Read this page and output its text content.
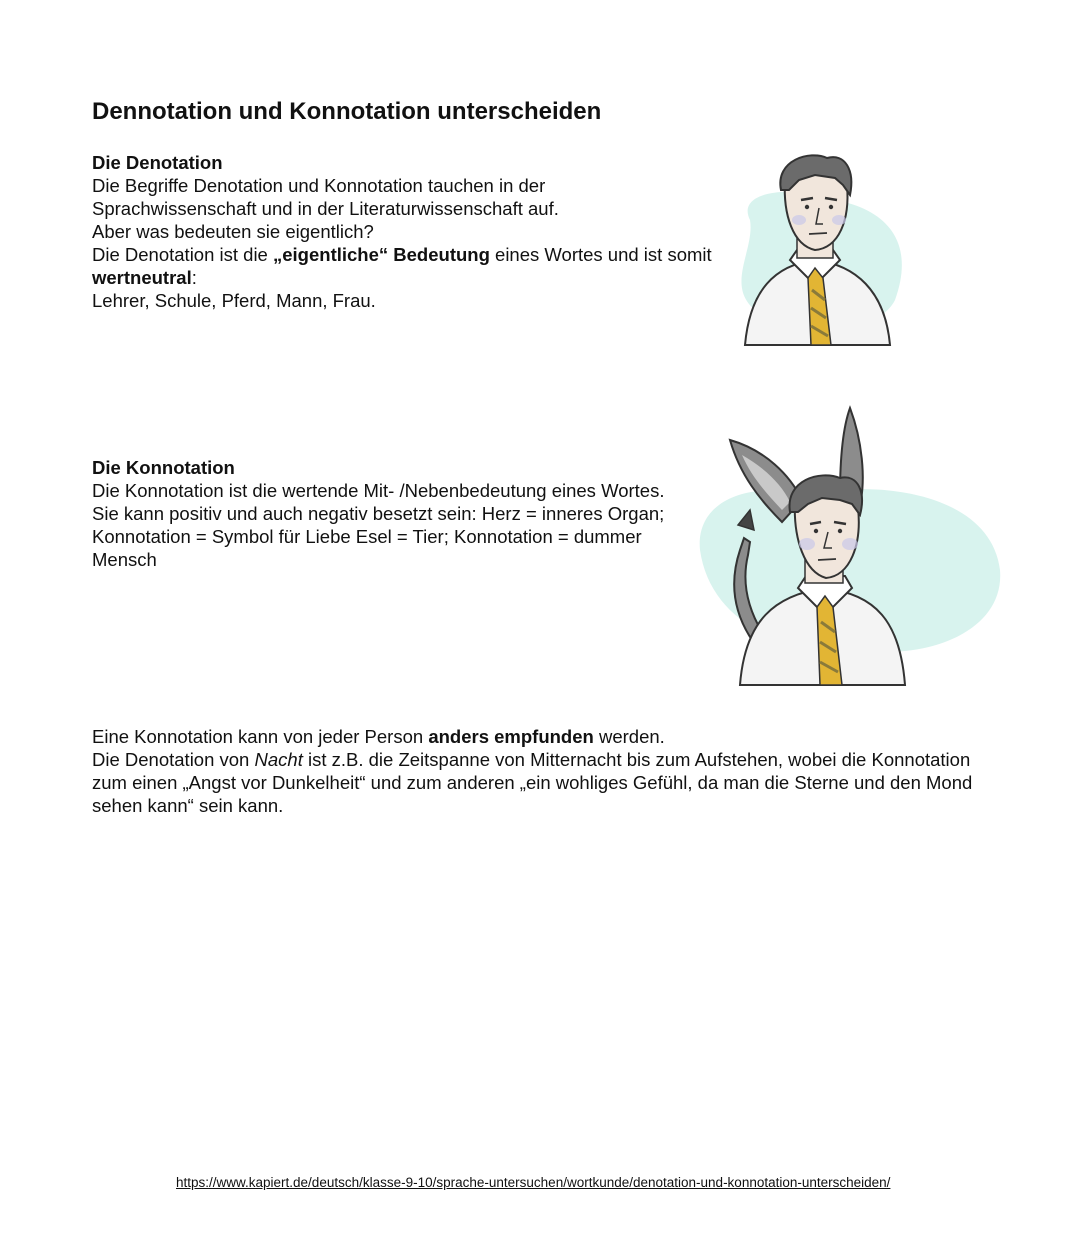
Dennotation und Konnotation unterscheiden
Die Denotation

Die Begriffe Denotation und Konnotation tauchen in der Sprachwissenschaft und in der Literaturwissenschaft auf.

Aber was bedeuten sie eigentlich?

Die Denotation ist die „eigentliche“ Bedeutung eines Wortes und ist somit wertneutral:

Lehrer, Schule, Pferd, Mann, Frau.

Die Konnotation

Die Konnotation ist die wertende Mit- /Nebenbedeutung eines Wortes.

Sie kann positiv und auch negativ besetzt sein: Herz = inneres Organ; Konnotation = Symbol für Liebe Esel = Tier; Konnotation = dummer Mensch

Eine Konnotation kann von jeder Person anders empfunden werden.

Die Denotation von Nacht ist z.B. die Zeitspanne von Mitternacht bis zum Aufstehen, wobei die Konnotation zum einen „Angst vor Dunkelheit“ und zum anderen „ein wohliges Gefühl, da man die Sterne und den Mond sehen kann“ sein kann.

https://www.kapiert.de/deutsch/klasse-9-10/sprache-untersuchen/wortkunde/denotation-und-konnotation-unterscheiden/
